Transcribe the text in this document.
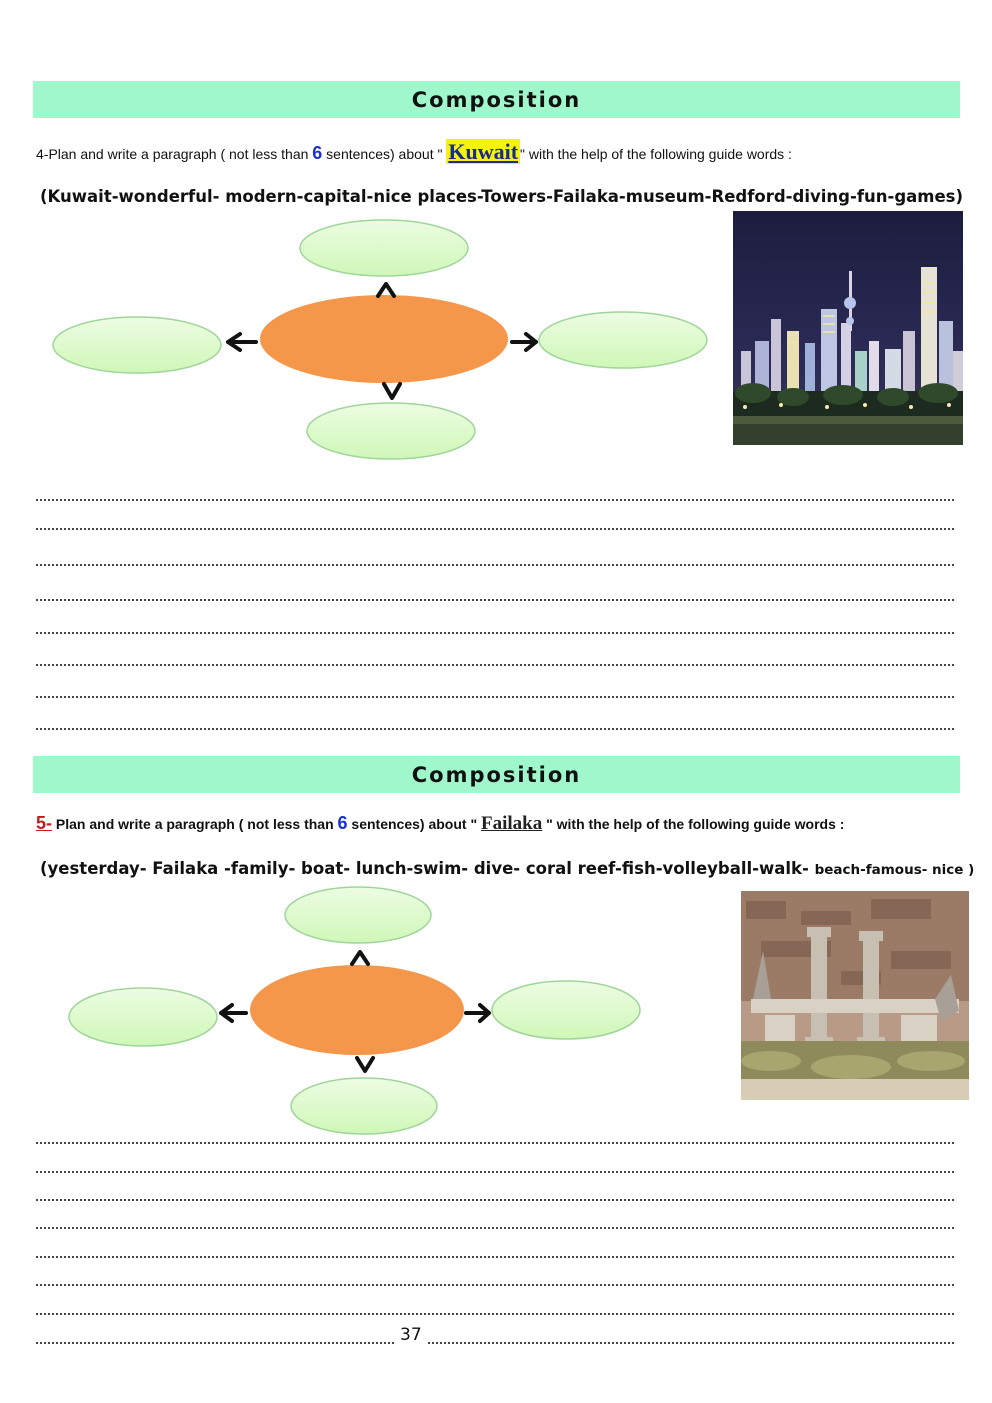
Composition
4-Plan and write a paragraph ( not less than 6 sentences) about " Kuwait " with the help of the following guide words :
(Kuwait-wonderful- modern-capital-nice places-Towers-Failaka-museum-Redford-diving-fun-games)
Composition
5- Plan and write a paragraph ( not less than 6 sentences) about " Failaka " with the help of the following guide words :
(yesterday- Failaka -family- boat- lunch-swim- dive- coral reef-fish-volleyball-walk- beach-famous- nice )
37
